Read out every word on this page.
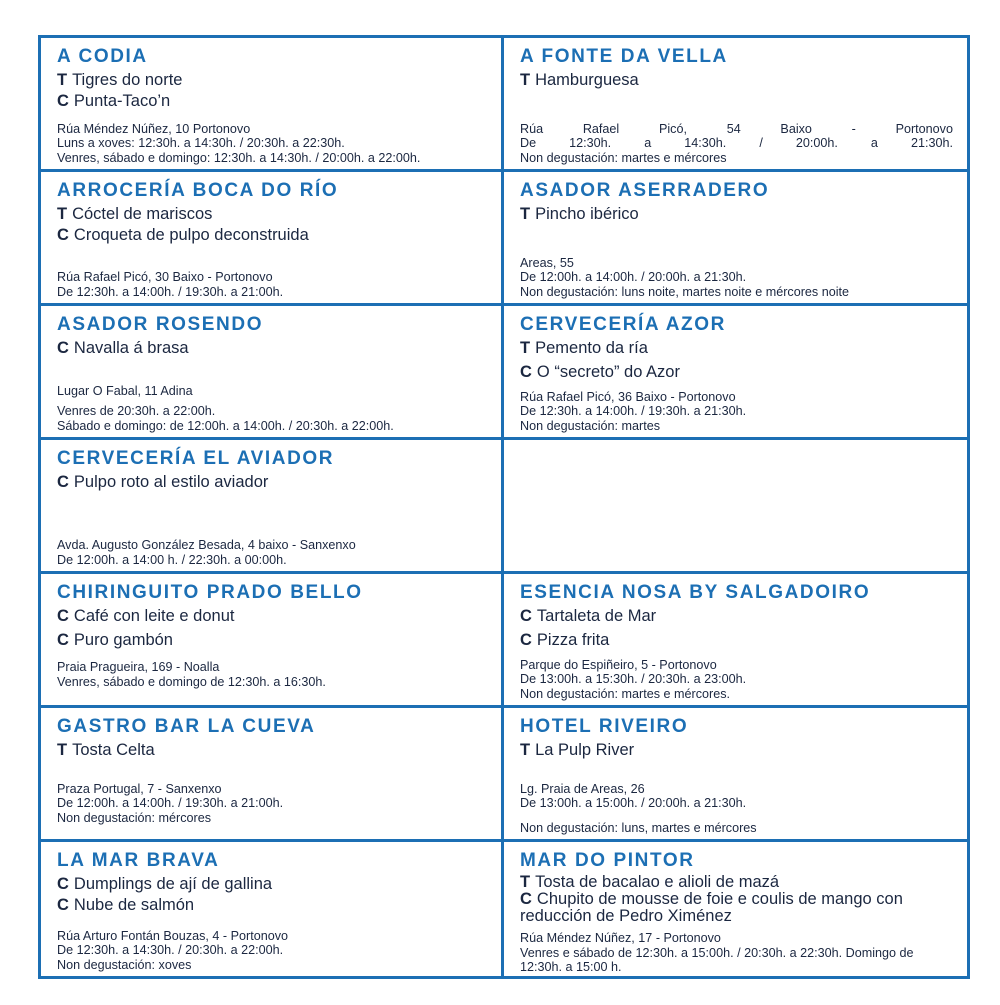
A CODIA
T Tigres do norte
C Punta-Taco’n
Rúa Méndez Núñez, 10 Portonovo
Luns a xoves: 12:30h. a 14:30h. / 20:30h. a 22:30h.
Venres, sábado e domingo: 12:30h. a 14:30h. / 20:00h. a 22:00h.
A FONTE DA VELLA
T Hamburguesa
Rúa Rafael Picó, 54 Baixo - Portonovo
De 12:30h. a 14:30h. / 20:00h. a 21:30h.
Non degustación: martes e mércores
ARROCERÍA BOCA DO RÍO
T Cóctel de mariscos
C Croqueta de pulpo deconstruida
Rúa Rafael Picó, 30 Baixo - Portonovo
De 12:30h. a 14:00h. / 19:30h. a 21:00h.
ASADOR ASERRADERO
T Pincho ibérico
Areas, 55
De 12:00h. a 14:00h. / 20:00h. a 21:30h.
Non degustación: luns noite, martes noite e mércores noite
ASADOR ROSENDO
C Navalla á brasa
Lugar O Fabal, 11 Adina
Venres de 20:30h. a 22:00h.
Sábado e domingo: de 12:00h. a 14:00h. / 20:30h. a 22:00h.
CERVECERÍA AZOR
T Pemento da ría
C O “secreto” do Azor
Rúa Rafael Picó, 36 Baixo - Portonovo
De 12:30h. a 14:00h. / 19:30h. a 21:30h.
Non degustación: martes
CERVECERÍA EL AVIADOR
C Pulpo roto al estilo aviador
Avda. Augusto González Besada, 4 baixo - Sanxenxo
De 12:00h. a 14:00 h. / 22:30h. a 00:00h.
CHIRINGUITO PRADO BELLO
C Café con leite e donut
C Puro gambón
Praia Pragueira, 169 - Noalla
Venres, sábado e domingo de 12:30h. a 16:30h.
ESENCIA NOSA BY SALGADOIRO
C Tartaleta de Mar
C Pizza frita
Parque do Espiñeiro, 5 - Portonovo
De 13:00h. a 15:30h. / 20:30h. a 23:00h.
Non degustación: martes e mércores.
GASTRO BAR LA CUEVA
T Tosta Celta
Praza Portugal, 7 - Sanxenxo
De 12:00h. a 14:00h. / 19:30h. a 21:00h.
Non degustación: mércores
HOTEL RIVEIRO
T La Pulp River
Lg. Praia de Areas, 26
De 13:00h. a 15:00h. / 20:00h. a 21:30h.
Non degustación: luns, martes e mércores
LA MAR BRAVA
C Dumplings de ají de gallina
C Nube de salmón
Rúa Arturo Fontán Bouzas, 4 - Portonovo
De 12:30h. a 14:30h. / 20:30h. a 22:00h.
Non degustación: xoves
MAR DO PINTOR
T Tosta de bacalao e alioli de mazá
C Chupito de mousse de foie e coulis de mango con reducción de Pedro Ximénez
Rúa Méndez Núñez, 17 - Portonovo
Venres e sábado de 12:30h. a 15:00h. / 20:30h. a 22:30h. Domingo de 12:30h. a 15:00 h.
